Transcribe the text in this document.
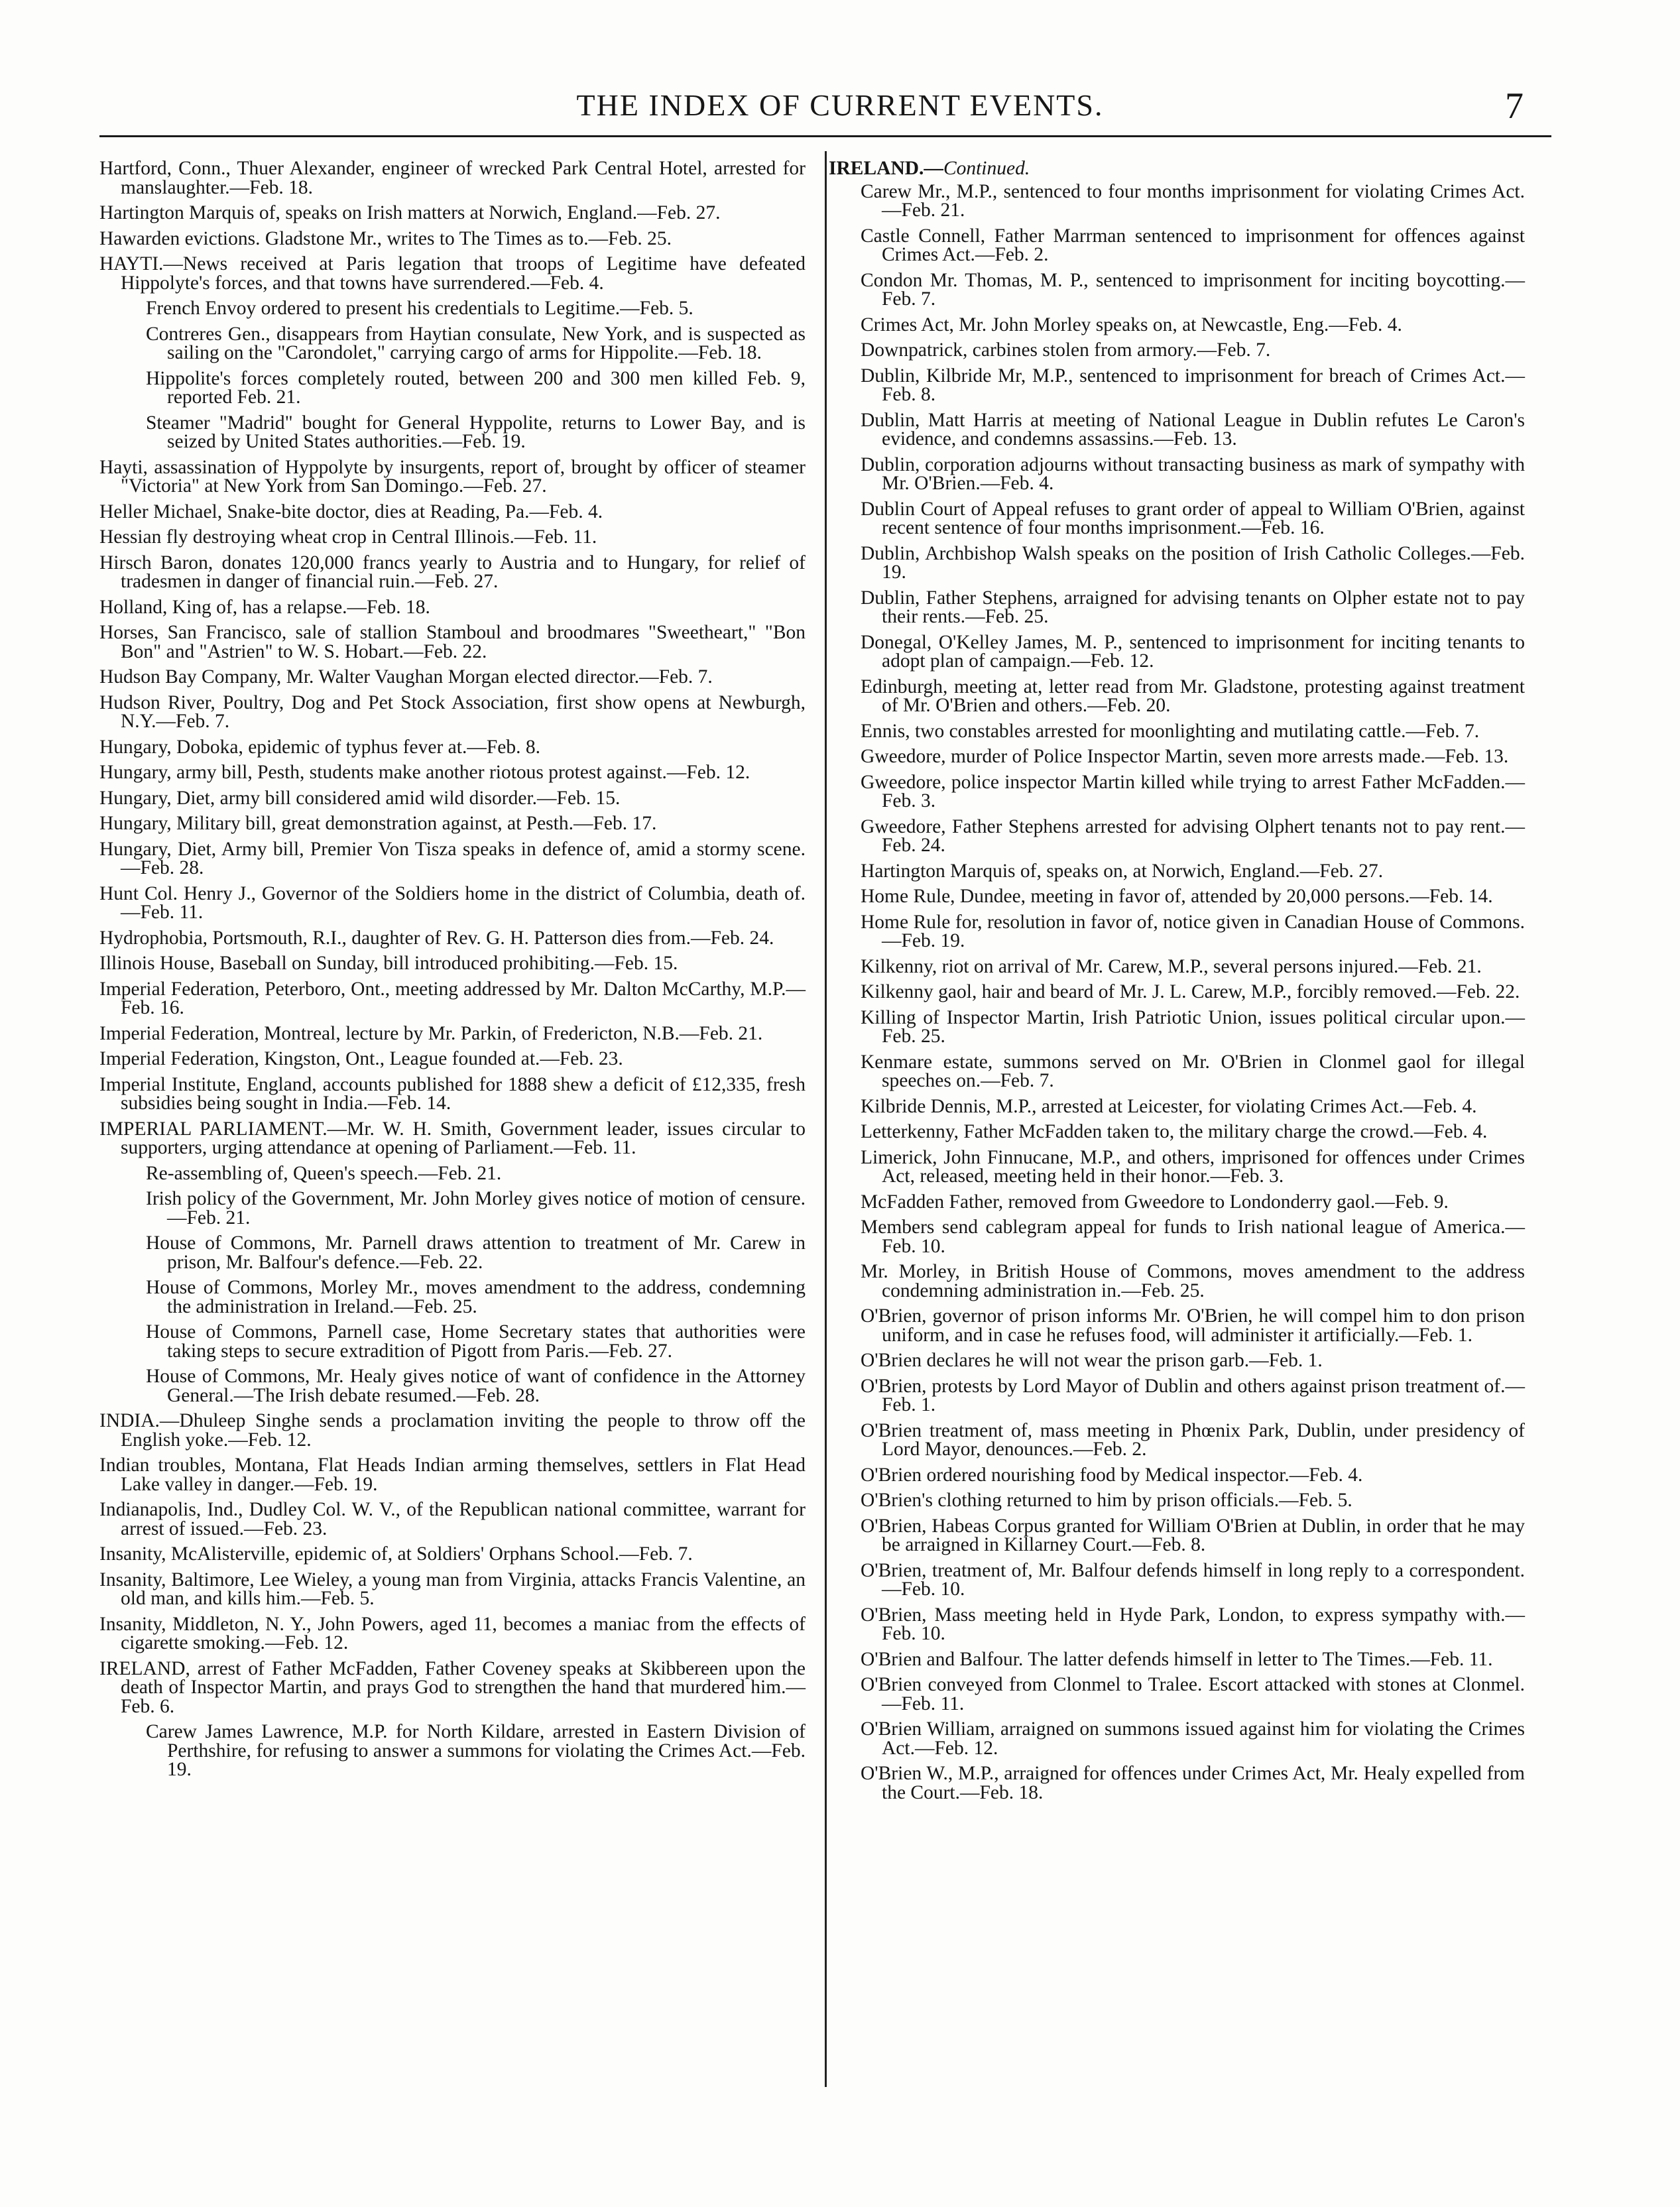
THE INDEX OF CURRENT EVENTS.	7
Hartford, Conn., Thuer Alexander, engineer of wrecked Park Central Hotel, arrested for manslaughter.—Feb. 18.
Hartington Marquis of, speaks on Irish matters at Norwich, England.—Feb. 27.
Hawarden evictions. Gladstone Mr., writes to The Times as to.—Feb. 25.
HAYTI.—News received at Paris legation that troops of Legitime have defeated Hippolyte's forces, and that towns have surrendered.—Feb. 4.
French Envoy ordered to present his credentials to Legitime.—Feb. 5.
Contreres Gen., disappears from Haytian consulate, New York, and is suspected as sailing on the "Carondolet," carrying cargo of arms for Hippolite.—Feb. 18.
Hippolite's forces completely routed, between 200 and 300 men killed Feb. 9, reported Feb. 21.
Steamer "Madrid" bought for General Hyppolite, returns to Lower Bay, and is seized by United States authorities.—Feb. 19.
Hayti, assassination of Hyppolyte by insurgents, report of, brought by officer of steamer "Victoria" at New York from San Domingo.—Feb. 27.
Heller Michael, Snake-bite doctor, dies at Reading, Pa.—Feb. 4.
Hessian fly destroying wheat crop in Central Illinois.—Feb. 11.
Hirsch Baron, donates 120,000 francs yearly to Austria and to Hungary, for relief of tradesmen in danger of financial ruin.—Feb. 27.
Holland, King of, has a relapse.—Feb. 18.
Horses, San Francisco, sale of stallion Stamboul and broodmares "Sweetheart," "Bon Bon" and "Astrien" to W. S. Hobart.—Feb. 22.
Hudson Bay Company, Mr. Walter Vaughan Morgan elected director.—Feb. 7.
Hudson River, Poultry, Dog and Pet Stock Association, first show opens at Newburgh, N.Y.—Feb. 7.
Hungary, Doboka, epidemic of typhus fever at.—Feb. 8.
Hungary, army bill, Pesth, students make another riotous protest against.—Feb. 12.
Hungary, Diet, army bill considered amid wild disorder.—Feb. 15.
Hungary, Military bill, great demonstration against, at Pesth.—Feb. 17.
Hungary, Diet, Army bill, Premier Von Tisza speaks in defence of, amid a stormy scene.—Feb. 28.
Hunt Col. Henry J., Governor of the Soldiers home in the district of Columbia, death of.—Feb. 11.
Hydrophobia, Portsmouth, R.I., daughter of Rev. G. H. Patterson dies from.—Feb. 24.
Illinois House, Baseball on Sunday, bill introduced prohibiting.—Feb. 15.
Imperial Federation, Peterboro, Ont., meeting addressed by Mr. Dalton McCarthy, M.P.—Feb. 16.
Imperial Federation, Montreal, lecture by Mr. Parkin, of Fredericton, N.B.—Feb. 21.
Imperial Federation, Kingston, Ont., League founded at.—Feb. 23.
Imperial Institute, England, accounts published for 1888 shew a deficit of £12,335, fresh subsidies being sought in India.—Feb. 14.
IMPERIAL PARLIAMENT.—Mr. W. H. Smith, Government leader, issues circular to supporters, urging attendance at opening of Parliament.—Feb. 11.
Re-assembling of, Queen's speech.—Feb. 21.
Irish policy of the Government, Mr. John Morley gives notice of motion of censure.—Feb. 21.
House of Commons, Mr. Parnell draws attention to treatment of Mr. Carew in prison, Mr. Balfour's defence.—Feb. 22.
House of Commons, Morley Mr., moves amendment to the address, condemning the administration in Ireland.—Feb. 25.
House of Commons, Parnell case, Home Secretary states that authorities were taking steps to secure extradition of Pigott from Paris.—Feb. 27.
House of Commons, Mr. Healy gives notice of want of confidence in the Attorney General.—The Irish debate resumed.—Feb. 28.
INDIA.—Dhuleep Singhe sends a proclamation inviting the people to throw off the English yoke.—Feb. 12.
Indian troubles, Montana, Flat Heads Indian arming themselves, settlers in Flat Head Lake valley in danger.—Feb. 19.
Indianapolis, Ind., Dudley Col. W. V., of the Republican national committee, warrant for arrest of issued.—Feb. 23.
Insanity, McAlisterville, epidemic of, at Soldiers' Orphans School.—Feb. 7.
Insanity, Baltimore, Lee Wieley, a young man from Virginia, attacks Francis Valentine, an old man, and kills him.—Feb. 5.
Insanity, Middleton, N. Y., John Powers, aged 11, becomes a maniac from the effects of cigarette smoking.—Feb. 12.
IRELAND, arrest of Father McFadden, Father Coveney speaks at Skibbereen upon the death of Inspector Martin, and prays God to strengthen the hand that murdered him.—Feb. 6.
Carew James Lawrence, M.P. for North Kildare, arrested in Eastern Division of Perthshire, for refusing to answer a summons for violating the Crimes Act.—Feb. 19.
IRELAND.—Continued.
Carew Mr., M.P., sentenced to four months imprisonment for violating Crimes Act.—Feb. 21.
Castle Connell, Father Marrman sentenced to imprisonment for offences against Crimes Act.—Feb. 2.
Condon Mr. Thomas, M. P., sentenced to imprisonment for inciting boycotting.—Feb. 7.
Crimes Act, Mr. John Morley speaks on, at Newcastle, Eng.—Feb. 4.
Downpatrick, carbines stolen from armory.—Feb. 7.
Dublin, Kilbride Mr, M.P., sentenced to imprisonment for breach of Crimes Act.—Feb. 8.
Dublin, Matt Harris at meeting of National League in Dublin refutes Le Caron's evidence, and condemns assassins.—Feb. 13.
Dublin, corporation adjourns without transacting business as mark of sympathy with Mr. O'Brien.—Feb. 4.
Dublin Court of Appeal refuses to grant order of appeal to William O'Brien, against recent sentence of four months imprisonment.—Feb. 16.
Dublin, Archbishop Walsh speaks on the position of Irish Catholic Colleges.—Feb. 19.
Dublin, Father Stephens, arraigned for advising tenants on Olpher estate not to pay their rents.—Feb. 25.
Donegal, O'Kelley James, M. P., sentenced to imprisonment for inciting tenants to adopt plan of campaign.—Feb. 12.
Edinburgh, meeting at, letter read from Mr. Gladstone, protesting against treatment of Mr. O'Brien and others.—Feb. 20.
Ennis, two constables arrested for moonlighting and mutilating cattle.—Feb. 7.
Gweedore, murder of Police Inspector Martin, seven more arrests made.—Feb. 13.
Gweedore, police inspector Martin killed while trying to arrest Father McFadden.—Feb. 3.
Gweedore, Father Stephens arrested for advising Olphert tenants not to pay rent.—Feb. 24.
Hartington Marquis of, speaks on, at Norwich, England.—Feb. 27.
Home Rule, Dundee, meeting in favor of, attended by 20,000 persons.—Feb. 14.
Home Rule for, resolution in favor of, notice given in Canadian House of Commons.—Feb. 19.
Kilkenny, riot on arrival of Mr. Carew, M.P., several persons injured.—Feb. 21.
Kilkenny gaol, hair and beard of Mr. J. L. Carew, M.P., forcibly removed.—Feb. 22.
Killing of Inspector Martin, Irish Patriotic Union, issues political circular upon.—Feb. 25.
Kenmare estate, summons served on Mr. O'Brien in Clonmel gaol for illegal speeches on.—Feb. 7.
Kilbride Dennis, M.P., arrested at Leicester, for violating Crimes Act.—Feb. 4.
Letterkenny, Father McFadden taken to, the military charge the crowd.—Feb. 4.
Limerick, John Finnucane, M.P., and others, imprisoned for offences under Crimes Act, released, meeting held in their honor.—Feb. 3.
McFadden Father, removed from Gweedore to Londonderry gaol.—Feb. 9.
Members send cablegram appeal for funds to Irish national league of America.—Feb. 10.
Mr. Morley, in British House of Commons, moves amendment to the address condemning administration in.—Feb. 25.
O'Brien, governor of prison informs Mr. O'Brien, he will compel him to don prison uniform, and in case he refuses food, will administer it artificially.—Feb. 1.
O'Brien declares he will not wear the prison garb.—Feb. 1.
O'Brien, protests by Lord Mayor of Dublin and others against prison treatment of.—Feb. 1.
O'Brien treatment of, mass meeting in Phœnix Park, Dublin, under presidency of Lord Mayor, denounces.—Feb. 2.
O'Brien ordered nourishing food by Medical inspector.—Feb. 4.
O'Brien's clothing returned to him by prison officials.—Feb. 5.
O'Brien, Habeas Corpus granted for William O'Brien at Dublin, in order that he may be arraigned in Killarney Court.—Feb. 8.
O'Brien, treatment of, Mr. Balfour defends himself in long reply to a correspondent.—Feb. 10.
O'Brien, Mass meeting held in Hyde Park, London, to express sympathy with.—Feb. 10.
O'Brien and Balfour. The latter defends himself in letter to The Times.—Feb. 11.
O'Brien conveyed from Clonmel to Tralee. Escort attacked with stones at Clonmel.—Feb. 11.
O'Brien William, arraigned on summons issued against him for violating the Crimes Act.—Feb. 12.
O'Brien W., M.P., arraigned for offences under Crimes Act, Mr. Healy expelled from the Court.—Feb. 18.
